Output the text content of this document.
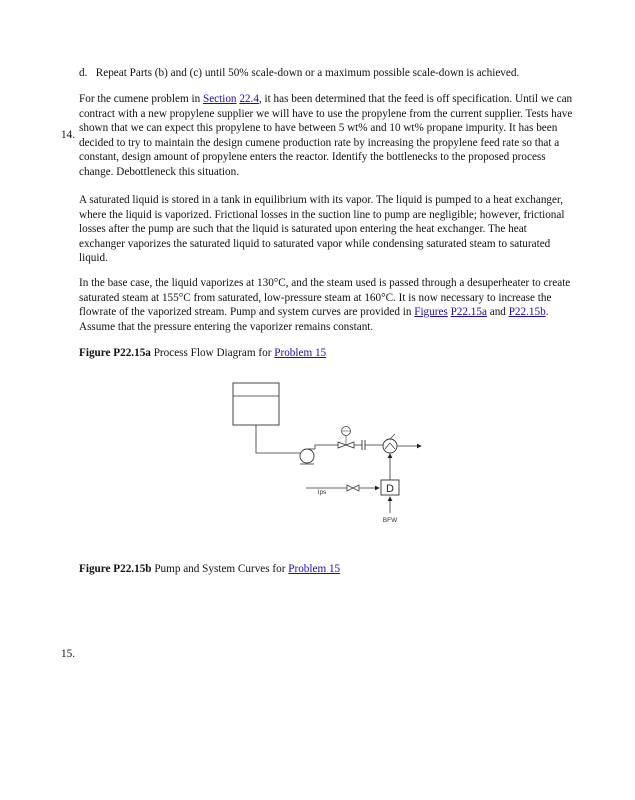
d. Repeat Parts (b) and (c) until 50% scale-down or a maximum possible scale-down is achieved.
14.

For the cumene problem in Section 22.4, it has been determined that the feed is off specification. Until we can contract with a new propylene supplier we will have to use the propylene from the current supplier. Tests have shown that we can expect this propylene to have between 5 wt% and 10 wt% propane impurity. It has been decided to try to maintain the design cumene production rate by increasing the propylene feed rate so that a constant, design amount of propylene enters the reactor. Identify the bottlenecks to the proposed process change. Debottleneck this situation.

A saturated liquid is stored in a tank in equilibrium with its vapor. The liquid is pumped to a heat exchanger, where the liquid is vaporized. Frictional losses in the suction line to pump are negligible; however, frictional losses after the pump are such that the liquid is saturated upon entering the heat exchanger. The heat exchanger vaporizes the saturated liquid to saturated vapor while condensing saturated steam to saturated liquid.

In the base case, the liquid vaporizes at 130°C, and the steam used is passed through a desuperheater to create saturated steam at 155°C from saturated, low-pressure steam at 160°C. It is now necessary to increase the flowrate of the vaporized stream. Pump and system curves are provided in Figures P22.15a and P22.15b. Assume that the pressure entering the vaporizer remains constant.

Figure P22.15a Process Flow Diagram for Problem 15
D
lps
BFW
Figure P22.15b Pump and System Curves for Problem 15
15.
